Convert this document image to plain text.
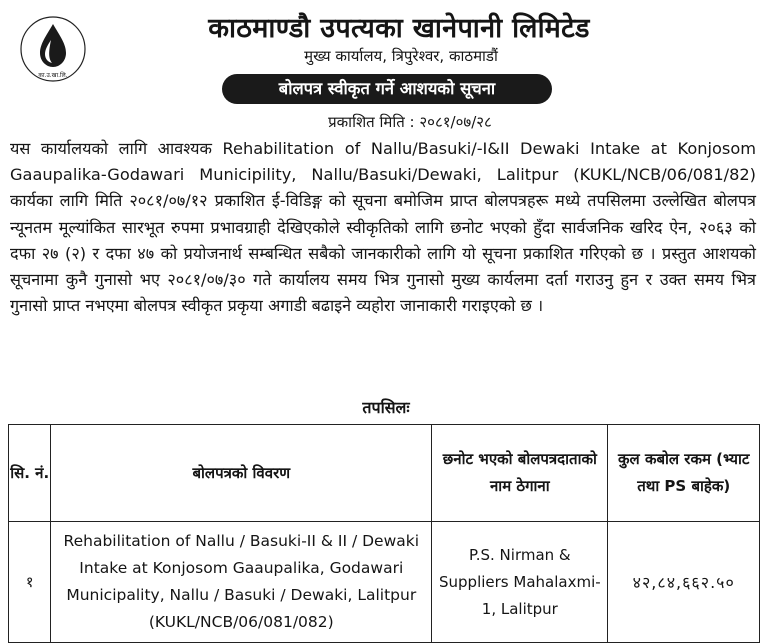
का.उ.खा.लि.
काठमाण्डौ उपत्यका खानेपानी लिमिटेड
मुख्य कार्यालय, त्रिपुरेश्वर, काठमाडौं
बोलपत्र स्वीकृत गर्ने आशयको सूचना
प्रकाशित मिति : २०८१/०७/२८
यस कार्यालयको लागि आवश्यक Rehabilitation of Nallu/Basuki/-I&II Dewaki Intake at Konjosom Gaaupalika-Godawari Municipility, Nallu/Basuki/Dewaki, Lalitpur (KUKL/NCB/06/081/82) कार्यका लागि मिति २०८१/०७/१२ प्रकाशित ई-विडिङ्ग को सूचना बमोजिम प्राप्त बोलपत्रहरू मध्ये तपसिलमा उल्लेखित बोलपत्र न्यूनतम मूल्यांकित सारभूत रुपमा प्रभावग्राही देखिएकोले स्वीकृतिको लागि छनोट भएको हुँदा सार्वजनिक खरिद ऐन, २०६३ को दफा २७ (२) र दफा ४७ को प्रयोजनार्थ सम्बन्धित सबैको जानकारीको लागि यो सूचना प्रकाशित गरिएको छ । प्रस्तुत आशयको सूचनामा कुनै गुनासो भए २०८१/०७/३० गते कार्यालय समय भित्र गुनासो मुख्य कार्यलमा दर्ता गराउनु हुन र उक्त समय भित्र गुनासो प्राप्त नभएमा बोलपत्र स्वीकृत प्रकृया अगाडी बढाइने व्यहोरा जानाकारी गराइएको छ ।
तपसिलः
सि. नं.	बोलपत्रको विवरण	छनोट भएको बोलपत्रदाताको नाम ठेगाना	कुल कबोल रकम (भ्याट तथा PS बाहेक)
१	Rehabilitation of Nallu / Basuki-II & II / Dewaki Intake at Konjosom Gaaupalika, Godawari Municipality, Nallu / Basuki / Dewaki, Lalitpur (KUKL/NCB/06/081/082)	P.S. Nirman & Suppliers Mahalaxmi-1, Lalitpur	४२,८४,६६२.५०
